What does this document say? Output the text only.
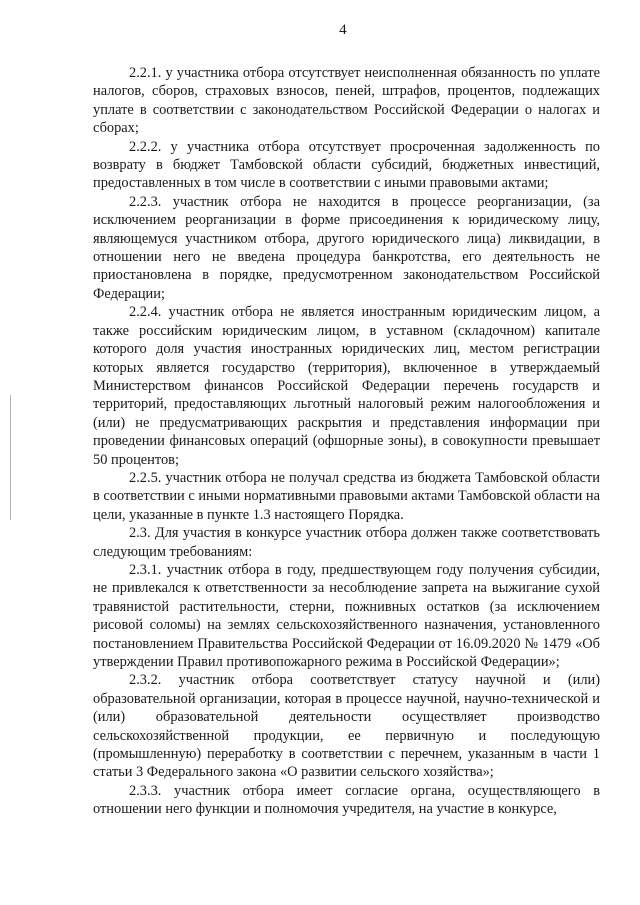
4

2.2.1. у участника отбора отсутствует неисполненная обязанность по уплате налогов, сборов, страховых взносов, пеней, штрафов, процентов, подлежащих уплате в соответствии с законодательством Российской Федерации о налогах и сборах;

2.2.2. у участника отбора отсутствует просроченная задолженность по возврату в бюджет Тамбовской области субсидий, бюджетных инвестиций, предоставленных в том числе в соответствии с иными правовыми актами;

2.2.3. участник отбора не находится в процессе реорганизации, (за исключением реорганизации в форме присоединения к юридическому лицу, являющемуся участником отбора, другого юридического лица) ликвидации, в отношении него не введена процедура банкротства, его деятельность не приостановлена в порядке, предусмотренном законодательством Российской Федерации;

2.2.4. участник отбора не является иностранным юридическим лицом, а также российским юридическим лицом, в уставном (складочном) капитале которого доля участия иностранных юридических лиц, местом регистрации которых является государство (территория), включенное в утверждаемый Министерством финансов Российской Федерации перечень государств и территорий, предоставляющих льготный налоговый режим налогообложения и (или) не предусматривающих раскрытия и представления информации при проведении финансовых операций (офшорные зоны), в совокупности превышает 50 процентов;

2.2.5. участник отбора не получал средства из бюджета Тамбовской области в соответствии с иными нормативными правовыми актами Тамбовской области на цели, указанные в пункте 1.3 настоящего Порядка.

2.3. Для участия в конкурсе участник отбора должен также соответствовать следующим требованиям:

2.3.1. участник отбора в году, предшествующем году получения субсидии, не привлекался к ответственности за несоблюдение запрета на выжигание сухой травянистой растительности, стерни, пожнивных остатков (за исключением рисовой соломы) на землях сельскохозяйственного назначения, установленного постановлением Правительства Российской Федерации от 16.09.2020 № 1479 «Об утверждении Правил противопожарного режима в Российской Федерации»;

2.3.2. участник отбора соответствует статусу научной и (или) образовательной организации, которая в процессе научной, научно-технической и (или) образовательной деятельности осуществляет производство сельскохозяйственной продукции, ее первичную и последующую (промышленную) переработку в соответствии с перечнем, указанным в части 1 статьи 3 Федерального закона «О развитии сельского хозяйства»;

2.3.3. участник отбора имеет согласие органа, осуществляющего в отношении него функции и полномочия учредителя, на участие в конкурсе,
